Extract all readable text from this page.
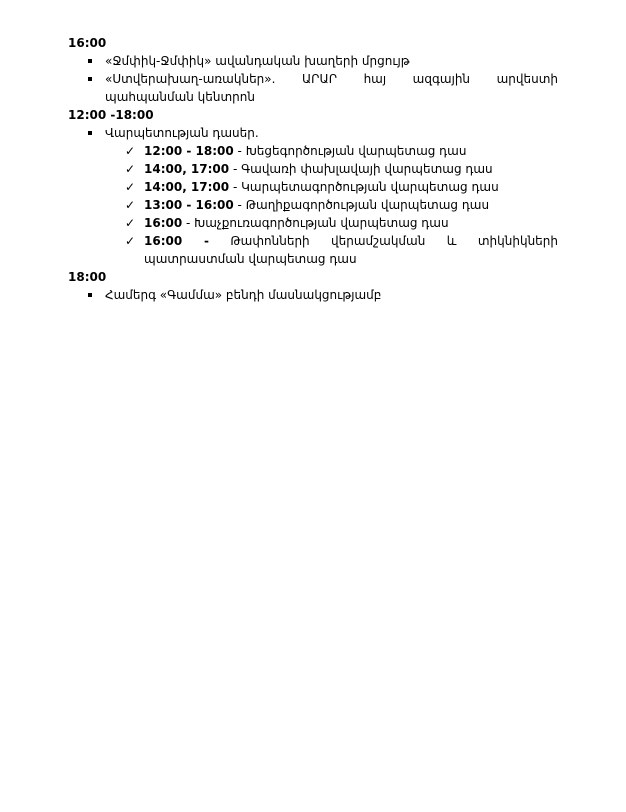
16:00

«Ջմփիկ-Ջմփիկ» ավանդական խաղերի մրցույթ
«Ստվերախաղ-առակներ». ԱՐԱՐ հայ ազգային արվեստի պահպանման կենտրոն

12:00 -18:00

Վարպետության դասեր.
✓ 12:00 - 18:00 - Խեցեգործության վարպետաց դաս
✓ 14:00, 17:00 - Գավառի փախլավայի վարպետաց դաս
✓ 14:00, 17:00 - Կարպետագործության վարպետաց դաս
✓ 13:00 - 16:00 - Թաղիքագործության վարպետաց դաս
✓ 16:00 - Խաչքուռագործության վարպետաց դաս
✓ 16:00 - Թափոնների վերամշակման և տիկնիկների պատրաստման վարպետաց դաս

18:00

Համերգ «Գամմա» բենդի մասնակցությամբ
